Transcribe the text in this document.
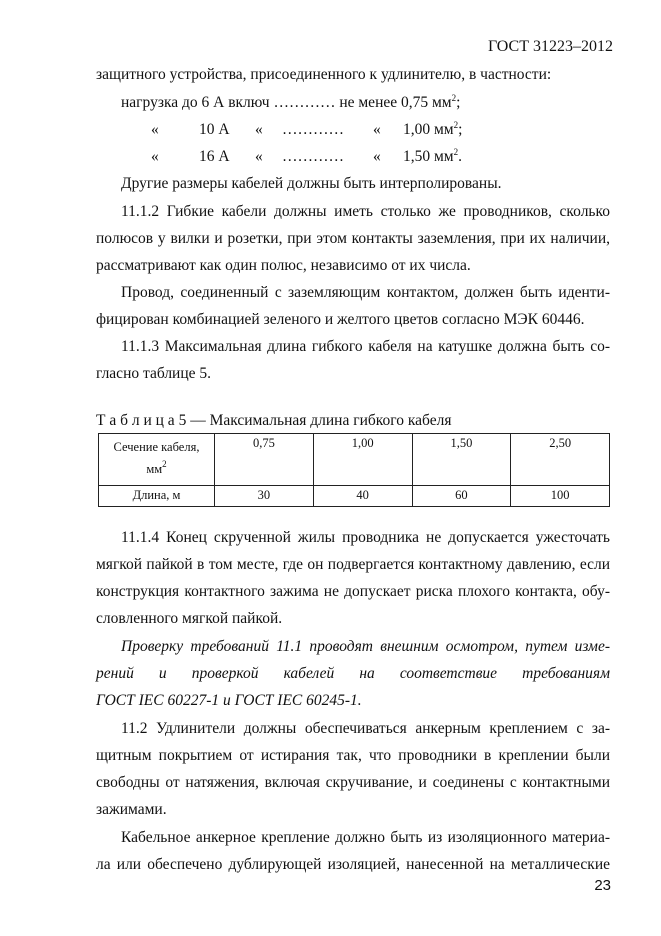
ГОСТ 31223–2012
защитного устройства, присоединенного к удлинителю, в частности:
нагрузка до 6 А включ ………… не менее 0,75 $мм^2$;
«	10 А « ………… « 1,00 $мм^2$;
«	16 А « ………… « 1,50 $мм^2$.
Другие размеры кабелей должны быть интерполированы.
11.1.2 Гибкие кабели должны иметь столько же проводников, сколько
полюсов у вилки и розетки, при этом контакты заземления, при их наличии,
рассматривают как один полюс, независимо от их числа.
Провод, соединенный с заземляющим контактом, должен быть иденти-
фицирован комбинацией зеленого и желтого цветов согласно МЭК 60446.
11.1.3 Максимальная длина гибкого кабеля на катушке должна быть со-
гласно таблице 5.
Т а б л и ц а 5 — Максимальная длина гибкого кабеля
Сечение кабеля,
$мм^2$	0,75	1,00	1,50	2,50
Длина, м	30	40	60	100
11.1.4 Конец скрученной жилы проводника не допускается ужесточать
мягкой пайкой в том месте, где он подвергается контактному давлению, если
конструкция контактного зажима не допускает риска плохого контакта, обу-
словленного мягкой пайкой.
Проверку требований 11.1 проводят внешним осмотром, путем изме-
рений и проверкой кабелей на соответствие требованиям
ГОСТ IEC 60227-1 и ГОСТ IEC 60245-1.
11.2 Удлинители должны обеспечиваться анкерным креплением с за-
щитным покрытием от истирания так, что проводники в креплении были
свободны от натяжения, включая скручивание, и соединены с контактными
зажимами.
Кабельное анкерное крепление должно быть из изоляционного материа-
ла или обеспечено дублирующей изоляцией, нанесенной на металлические
23
